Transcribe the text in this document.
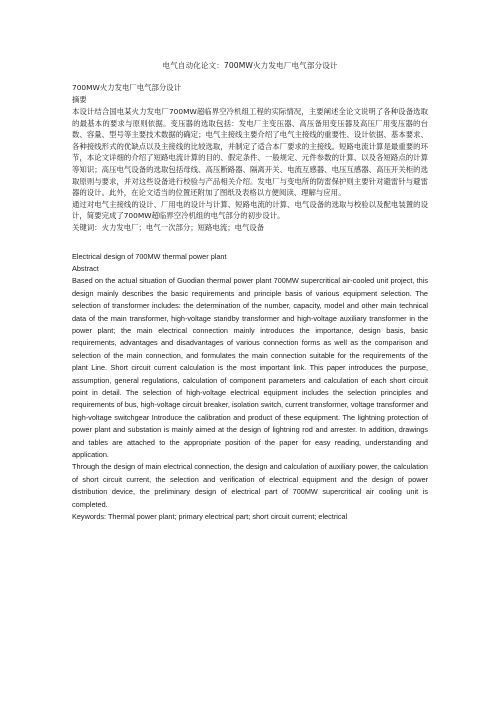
电气自动化论文：700MW火力发电厂电气部分设计

700MW火力发电厂电气部分设计

摘要

本设计结合国电某火力发电厂700MW超临界空冷机组工程的实际情况，主要阐述全论文说明了各种设备选取的最基本的要求与原则依据。变压器的选取包括：发电厂主变压器、高压备用变压器及高压厂用变压器的台数、容量、型号等主要技术数据的确定；电气主接线主要介绍了电气主接线的重要性、设计依据、基本要求、各种接线形式的优缺点以及主接线的比较选取，并制定了适合本厂要求的主接线。短路电流计算是最重要的环节，本论文详细的介绍了短路电流计算的目的、假定条件、一般规定、元件参数的计算、以及各短路点的计算等知识；高压电气设备的选取包括母线、高压断路器、隔离开关、电流互感器、电压互感器、高压开关柜的选取原则与要求，并对这些设备进行校验与产品相关介绍。发电厂与变电所的防雷保护则主要针对避雷针与避雷器的设计。此外，在论文适当的位置还附加了图纸及表格以方便阅读、理解与应用。

通过对电气主接线的设计、厂用电的设计与计算、短路电流的计算、电气设备的选取与校验以及配电装置的设计，简要完成了700MW超临界空冷机组的电气部分的初步设计。

关键词：火力发电厂；电气一次部分；短路电流；电气设备

Electrical design of 700MW thermal power plant

Abstract

Based on the actual situation of Guodian thermal power plant 700MW supercritical air-cooled unit project, this design mainly describes the basic requirements and principle basis of various equipment selection. The selection of transformer includes: the determination of the number, capacity, model and other main technical data of the main transformer, high-voltage standby transformer and high-voltage auxiliary transformer in the power plant; the main electrical connection mainly introduces the importance, design basis, basic requirements, advantages and disadvantages of various connection forms as well as the comparison and selection of the main connection, and formulates the main connection suitable for the requirements of the plant Line. Short circuit current calculation is the most important link. This paper introduces the purpose, assumption, general regulations, calculation of component parameters and calculation of each short circuit point in detail. The selection of high-voltage electrical equipment includes the selection principles and requirements of bus, high-voltage circuit breaker, isolation switch, current transformer, voltage transformer and high-voltage switchgear Introduce the calibration and product of these equipment. The lightning protection of power plant and substation is mainly aimed at the design of lightning rod and arrester. In addition, drawings and tables are attached to the appropriate position of the paper for easy reading, understanding and application.

Through the design of main electrical connection, the design and calculation of auxiliary power, the calculation of short circuit current, the selection and verification of electrical equipment and the design of power distribution device, the preliminary design of electrical part of 700MW supercritical air cooling unit is completed.

Keywords: Thermal power plant; primary electrical part; short circuit current; electrical
